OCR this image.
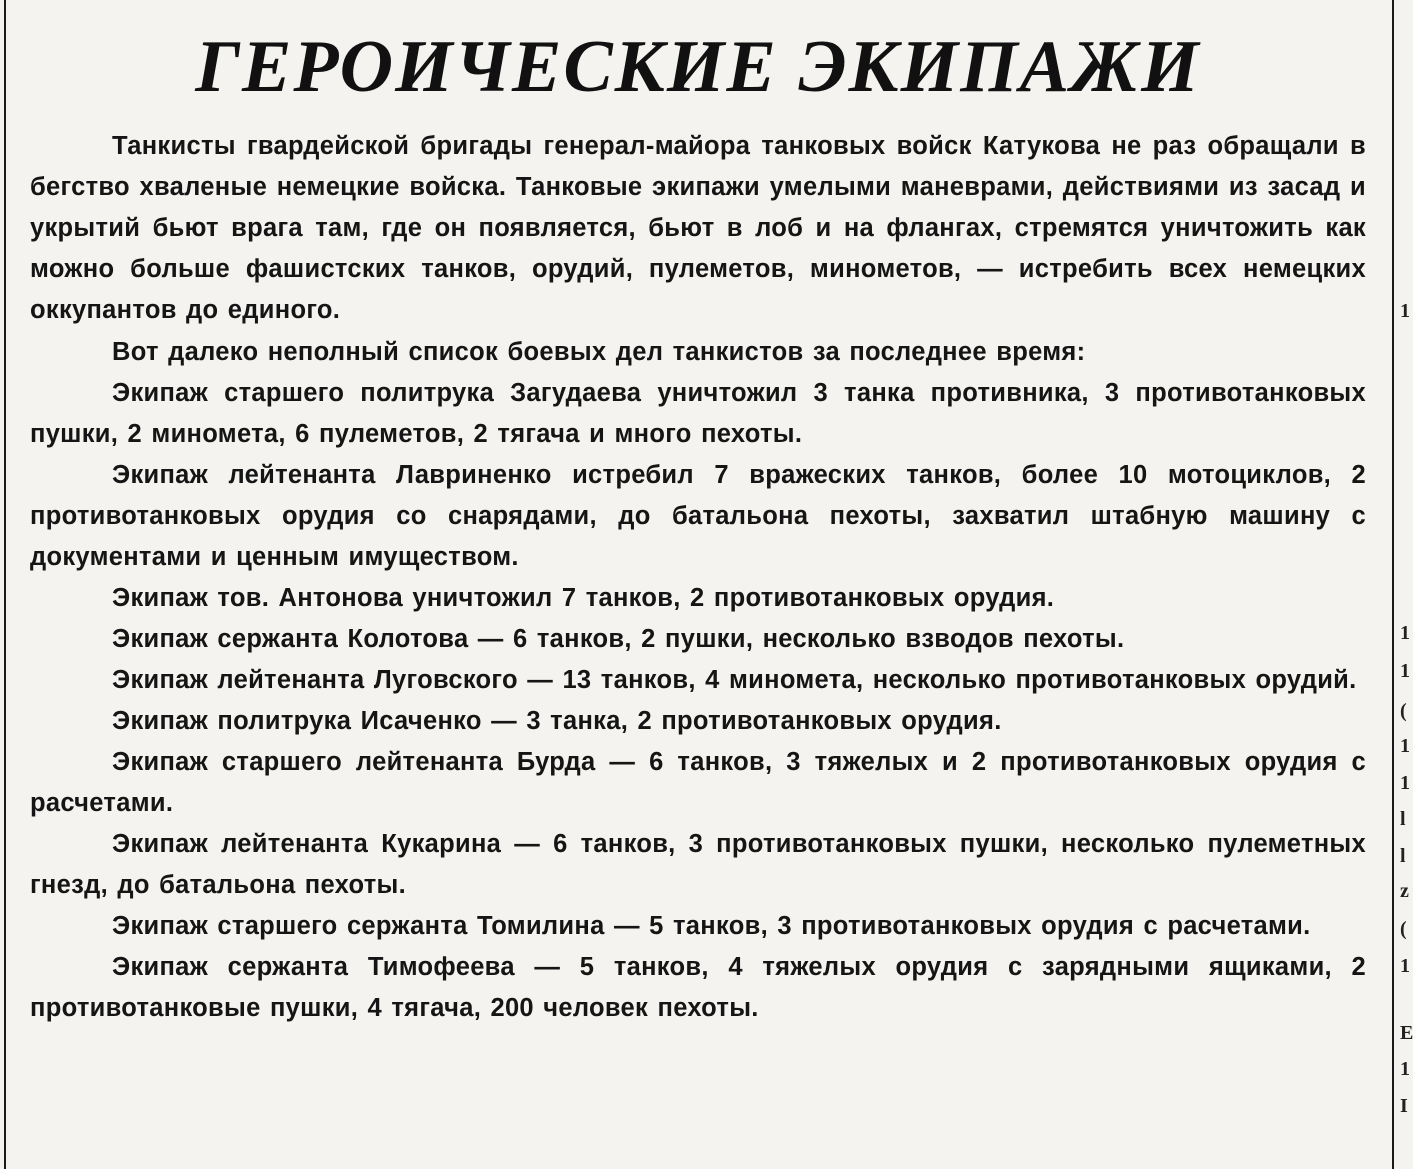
1
1
1
(
1
1
l
l
z
(
1
E
1
I
ГЕРОИЧЕСКИЕ ЭКИПАЖИ

Танкисты гвардейской бригады генерал-майора танковых войск Катукова не раз обращали в бегство хваленые немецкие войска. Танковые экипажи умелыми маневрами, действиями из засад и укрытий бьют врага там, где он появляется, бьют в лоб и на флангах, стремятся уничтожить как можно больше фашистских танков, орудий, пулеметов, минометов, — истребить всех немецких оккупантов до единого.

Вот далеко неполный список боевых дел танкистов за последнее время:

Экипаж старшего политрука Загудаева уничтожил 3 танка противника, 3 противотанковых пушки, 2 миномета, 6 пулеметов, 2 тягача и много пехоты.

Экипаж лейтенанта Лавриненко истребил 7 вражеских танков, более 10 мотоциклов, 2 противотанковых орудия со снарядами, до батальона пехоты, захватил штабную машину с документами и ценным имуществом.

Экипаж тов. Антонова уничтожил 7 танков, 2 противотанковых орудия.

Экипаж сержанта Колотова — 6 танков, 2 пушки, несколько взводов пехоты.

Экипаж лейтенанта Луговского — 13 танков, 4 миномета, несколько противотанковых орудий.

Экипаж политрука Исаченко — 3 танка, 2 противотанковых орудия.

Экипаж старшего лейтенанта Бурда — 6 танков, 3 тяжелых и 2 противотанковых орудия с расчетами.

Экипаж лейтенанта Кукарина — 6 танков, 3 противотанковых пушки, несколько пулеметных гнезд, до батальона пехоты.

Экипаж старшего сержанта Томилина — 5 танков, 3 противотанковых орудия с расчетами.

Экипаж сержанта Тимофеева — 5 танков, 4 тяжелых орудия с зарядными ящиками, 2 противотанковые пушки, 4 тягача, 200 человек пехоты.
